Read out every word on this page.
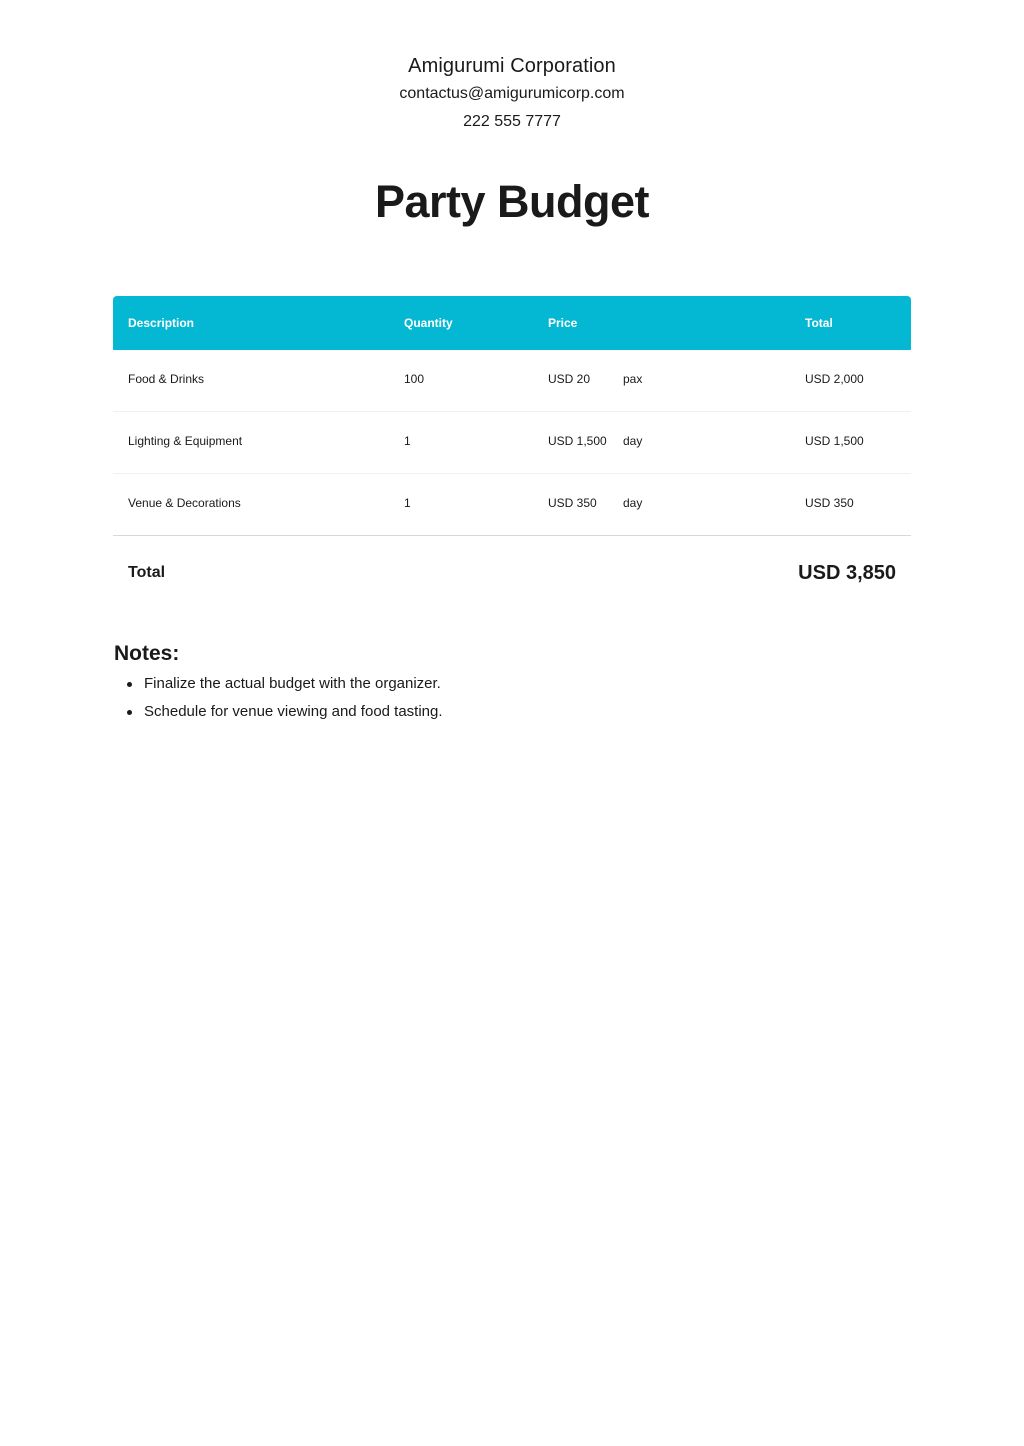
Amigurumi Corporation
contactus@amigurumicorp.com
222 555 7777
Party Budget
Description	Quantity	Price	Total
Food & Drinks	100	USD 20	pax	USD 2,000
Lighting & Equipment	1	USD 1,500 day	USD 1,500
Venue & Decorations	1	USD 350 day	USD 350
Total	USD 3,850
Notes:
Finalize the actual budget with the organizer.
Schedule for venue viewing and food tasting.
